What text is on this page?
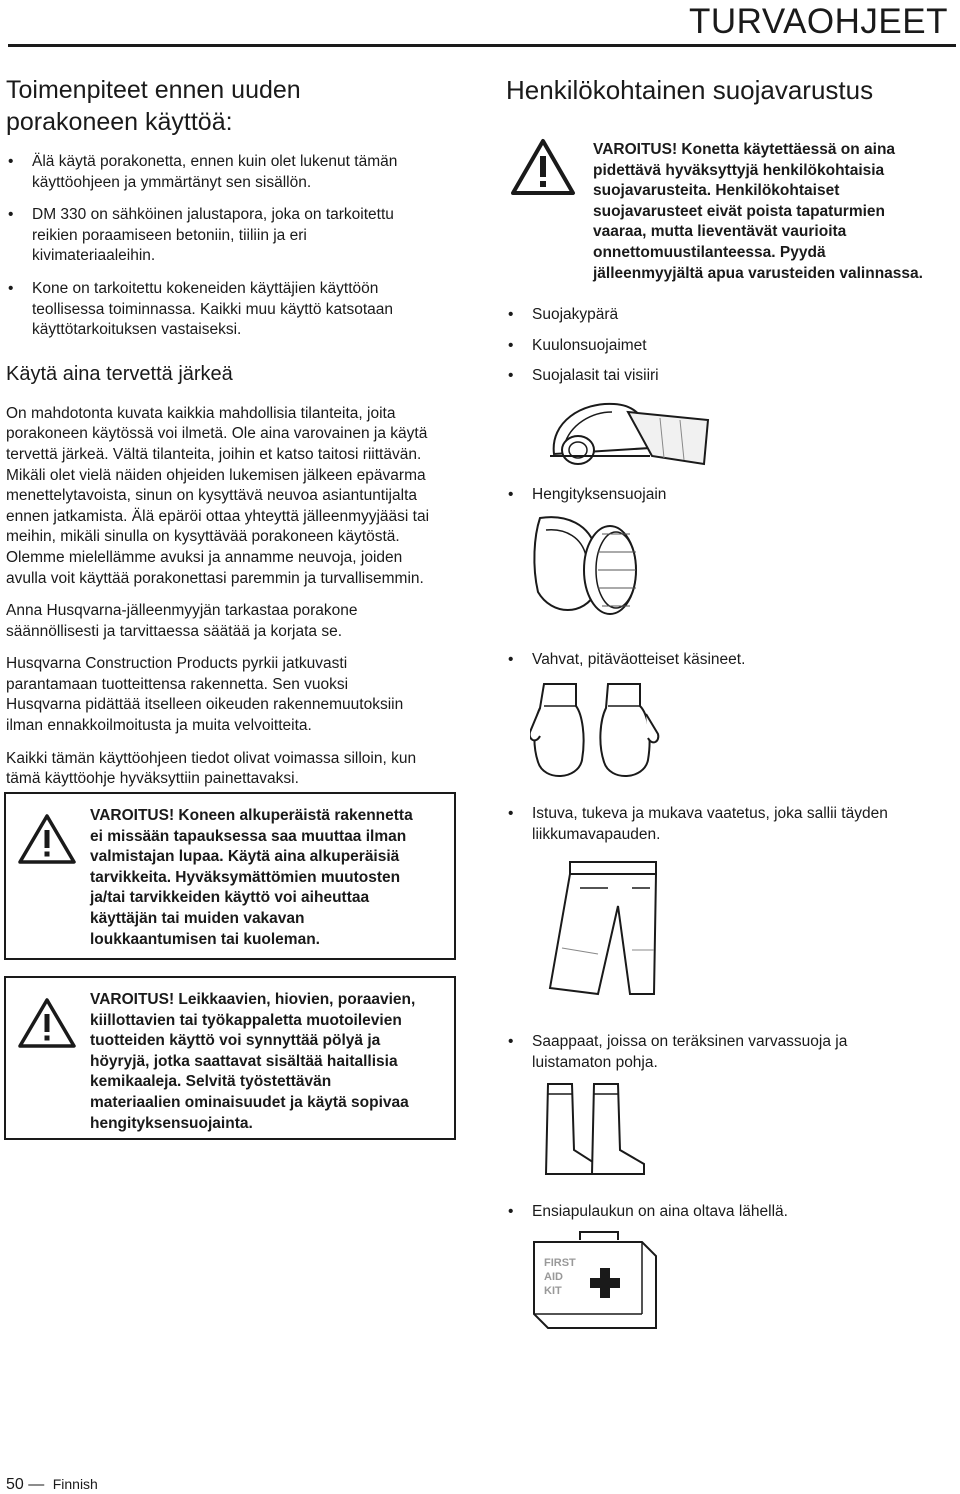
TURVAOHJEET
Toimenpiteet ennen uuden
porakoneen käyttöä:
• Älä käytä porakonetta, ennen kuin olet lukenut tämän
käyttöohjeen ja ymmärtänyt sen sisällön.
• DM 330 on sähköinen jalustapora, joka on tarkoitettu
reikien poraamiseen betoniin, tiiliin ja eri
kivimateriaaleihin.
• Kone on tarkoitettu kokeneiden käyttäjien käyttöön
teollisessa toiminnassa. Kaikki muu käyttö katsotaan
käyttötarkoituksen vastaiseksi.
Käytä aina tervettä järkeä

On mahdotonta kuvata kaikkia mahdollisia tilanteita, joita
porakoneen käytössä voi ilmetä. Ole aina varovainen ja käytä
tervettä järkeä. Vältä tilanteita, joihin et katso taitosi riittävän.
Mikäli olet vielä näiden ohjeiden lukemisen jälkeen epävarma
menettelytavoista, sinun on kysyttävä neuvoa asiantuntijalta
ennen jatkamista. Älä epäröi ottaa yhteyttä jälleenmyyjääsi tai
meihin, mikäli sinulla on kysyttävää porakoneen käytöstä.
Olemme mielellämme avuksi ja annamme neuvoja, joiden
avulla voit käyttää porakonettasi paremmin ja turvallisemmin.

Anna Husqvarna-jälleenmyyjän tarkastaa porakone
säännöllisesti ja tarvittaessa säätää ja korjata se.

Husqvarna Construction Products pyrkii jatkuvasti
parantamaan tuotteittensa rakennetta. Sen vuoksi
Husqvarna pidättää itselleen oikeuden rakennemuutoksiin
ilman ennakkoilmoitusta ja muita velvoitteita.

Kaikki tämän käyttöohjeen tiedot olivat voimassa silloin, kun
tämä käyttöohje hyväksyttiin painettavaksi.

VAROITUS! Koneen alkuperäistä rakennetta
ei missään tapauksessa saa muuttaa ilman
valmistajan lupaa. Käytä aina alkuperäisiä
tarvikkeita. Hyväksymättömien muutosten
ja/tai tarvikkeiden käyttö voi aiheuttaa
käyttäjän tai muiden vakavan
loukkaantumisen tai kuoleman.
VAROITUS! Leikkaavien, hiovien, poraavien,
kiillottavien tai työkappaletta muotoilevien
tuotteiden käyttö voi synnyttää pölyä ja
höyryjä, jotka saattavat sisältää haitallisia
kemikaaleja. Selvitä työstettävän
materiaalien ominaisuudet ja käytä sopivaa
hengityksensuojainta.
Henkilökohtainen suojavarustus
VAROITUS! Konetta käytettäessä on aina
pidettävä hyväksyttyjä henkilökohtaisia
suojavarusteita. Henkilökohtaiset
suojavarusteet eivät poista tapaturmien
vaaraa, mutta lieventävät vaurioita
onnettomuustilanteessa. Pyydä
jälleenmyyjältä apua varusteiden valinnassa.
• Suojakypärä
• Kuulonsuojaimet
• Suojalasit tai visiiri
• Hengityksensuojain
• Vahvat, pitäväotteiset käsineet.
• Istuva, tukeva ja mukava vaatetus, joka sallii täyden
liikkumavapauden.
• Saappaat, joissa on teräksinen varvassuoja ja
luistamaton pohja.
• Ensiapulaukun on aina oltava lähellä.
FIRST
AID
KIT
50 — Finnish
